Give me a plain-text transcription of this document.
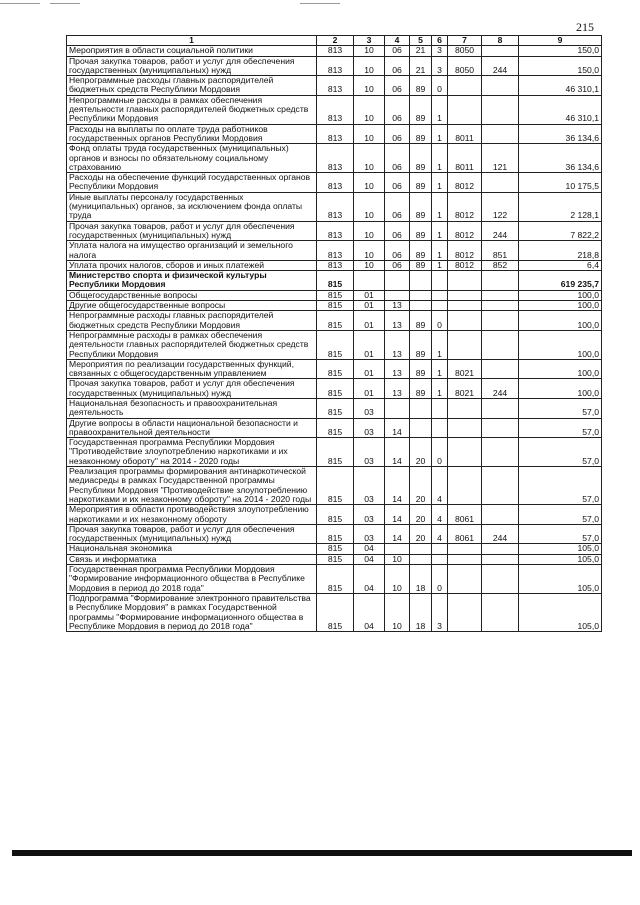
215
1	2	3	4	5	6	7	8	9
Мероприятия в области социальной политики	813	10	06	21	3	8050		150,0
Прочая закупка товаров, работ и услуг для обеспечения государственных (муниципальных) нужд	813	10	06	21	3	8050	244	150,0
Непрограммные расходы главных распорядителей бюджетных средств Республики Мордовия	813	10	06	89	0			46 310,1
Непрограммные расходы в рамках обеспечения деятельности главных распорядителей бюджетных средств Республики Мордовия	813	10	06	89	1			46 310,1
Расходы на выплаты по оплате труда работников государственных органов Республики Мордовия	813	10	06	89	1	8011		36 134,6
Фонд оплаты труда государственных (муниципальных) органов и взносы по обязательному социальному страхованию	813	10	06	89	1	8011	121	36 134,6
Расходы на обеспечение функций государственных органов Республики Мордовия	813	10	06	89	1	8012		10 175,5
Иные выплаты персоналу государственных (муниципальных) органов, за исключением фонда оплаты труда	813	10	06	89	1	8012	122	2 128,1
Прочая закупка товаров, работ и услуг для обеспечения государственных (муниципальных) нужд	813	10	06	89	1	8012	244	7 822,2
Уплата налога на имущество организаций и земельного налога	813	10	06	89	1	8012	851	218,8
Уплата прочих налогов, сборов и иных платежей	813	10	06	89	1	8012	852	6,4
Министерство спорта и физической культуры Республики Мордовия	815							619 235,7
Общегосударственные вопросы	815	01						100,0
Другие общегосударственные вопросы	815	01	13					100,0
Непрограммные расходы главных распорядителей бюджетных средств Республики Мордовия	815	01	13	89	0			100,0
Непрограммные расходы в рамках обеспечения деятельности главных распорядителей бюджетных средств Республики Мордовия	815	01	13	89	1			100,0
Мероприятия по реализации государственных функций, связанных с общегосударственным управлением	815	01	13	89	1	8021		100,0
Прочая закупка товаров, работ и услуг для обеспечения государственных (муниципальных) нужд	815	01	13	89	1	8021	244	100,0
Национальная безопасность и правоохранительная деятельность	815	03						57,0
Другие вопросы в области национальной безопасности и правоохранительной деятельности	815	03	14					57,0
Государственная программа Республики Мордовия "Противодействие злоупотреблению наркотиками и их незаконному обороту" на 2014 - 2020 годы	815	03	14	20	0			57,0
Реализация программы формирования антинаркотической медиасреды в рамках Государственной программы Республики Мордовия "Противодействие злоупотреблению наркотиками и их незаконному обороту" на 2014 - 2020 годы	815	03	14	20	4			57,0
Мероприятия в области противодействия злоупотреблению наркотиками и их незаконному обороту	815	03	14	20	4	8061		57,0
Прочая закупка товаров, работ и услуг для обеспечения государственных (муниципальных) нужд	815	03	14	20	4	8061	244	57,0
Национальная экономика	815	04						105,0
Связь и информатика	815	04	10					105,0
Государственная программа Республики Мордовия "Формирование информационного общества в Республике Мордовия в период до 2018 года"	815	04	10	18	0			105,0
Подпрограмма "Формирование электронного правительства в Республике Мордовия" в рамках Государственной программы "Формирование информационного общества в Республике Мордовия в период до 2018 года"	815	04	10	18	3			105,0
